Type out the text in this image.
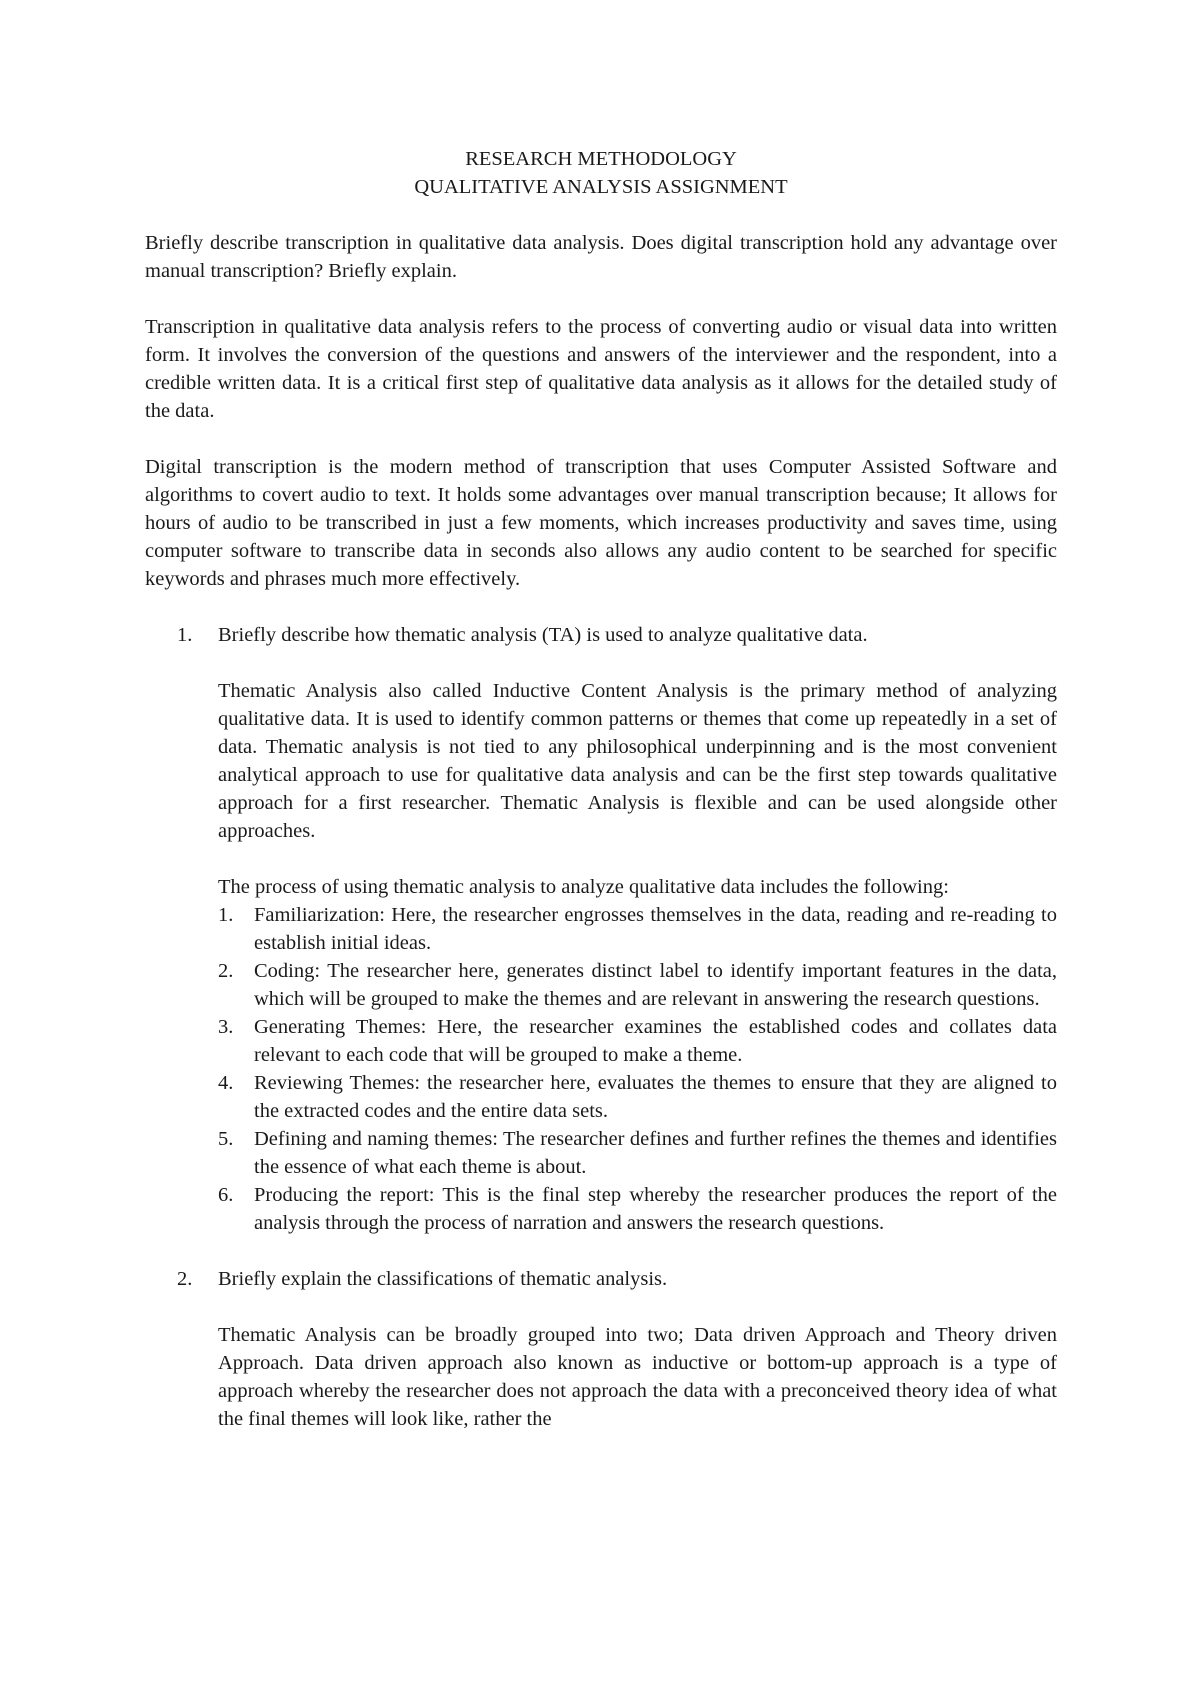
RESEARCH METHODOLOGY
QUALITATIVE ANALYSIS ASSIGNMENT

Briefly describe transcription in qualitative data analysis. Does digital transcription hold any advantage over manual transcription? Briefly explain.

Transcription in qualitative data analysis refers to the process of converting audio or visual data into written form. It involves the conversion of the questions and answers of the interviewer and the respondent, into a credible written data. It is a critical first step of qualitative data analysis as it allows for the detailed study of the data.

Digital transcription is the modern method of transcription that uses Computer Assisted Software and algorithms to covert audio to text. It holds some advantages over manual transcription because; It allows for hours of audio to be transcribed in just a few moments, which increases productivity and saves time, using computer software to transcribe data in seconds also allows any audio content to be searched for specific keywords and phrases much more effectively.

1. Briefly describe how thematic analysis (TA) is used to analyze qualitative data.

Thematic Analysis also called Inductive Content Analysis is the primary method of analyzing qualitative data. It is used to identify common patterns or themes that come up repeatedly in a set of data. Thematic analysis is not tied to any philosophical underpinning and is the most convenient analytical approach to use for qualitative data analysis and can be the first step towards qualitative approach for a first researcher. Thematic Analysis is flexible and can be used alongside other approaches.

The process of using thematic analysis to analyze qualitative data includes the following:

1. Familiarization: Here, the researcher engrosses themselves in the data, reading and re-reading to establish initial ideas.
2. Coding: The researcher here, generates distinct label to identify important features in the data, which will be grouped to make the themes and are relevant in answering the research questions.
3. Generating Themes: Here, the researcher examines the established codes and collates data relevant to each code that will be grouped to make a theme.
4. Reviewing Themes: the researcher here, evaluates the themes to ensure that they are aligned to the extracted codes and the entire data sets.
5. Defining and naming themes: The researcher defines and further refines the themes and identifies the essence of what each theme is about.
6. Producing the report: This is the final step whereby the researcher produces the report of the analysis through the process of narration and answers the research questions.
2. Briefly explain the classifications of thematic analysis.

Thematic Analysis can be broadly grouped into two; Data driven Approach and Theory driven Approach. Data driven approach also known as inductive or bottom-up approach is a type of approach whereby the researcher does not approach the data with a preconceived theory idea of what the final themes will look like, rather the
